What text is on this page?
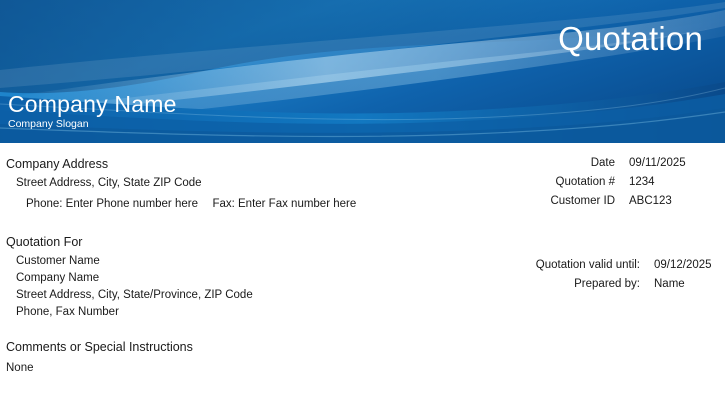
Quotation
Company Name
Company Slogan
Company Address
Street Address, City, State ZIP Code
Phone: Enter Phone number here Fax: Enter Fax number here
Quotation For
Customer Name
Company Name
Street Address, City, State/Province, ZIP Code
Phone, Fax Number
Comments or Special Instructions
None
Date	09/11/2025
Quotation #	1234
Customer ID	ABC123
Quotation valid until:	09/12/2025
Prepared by:	Name
